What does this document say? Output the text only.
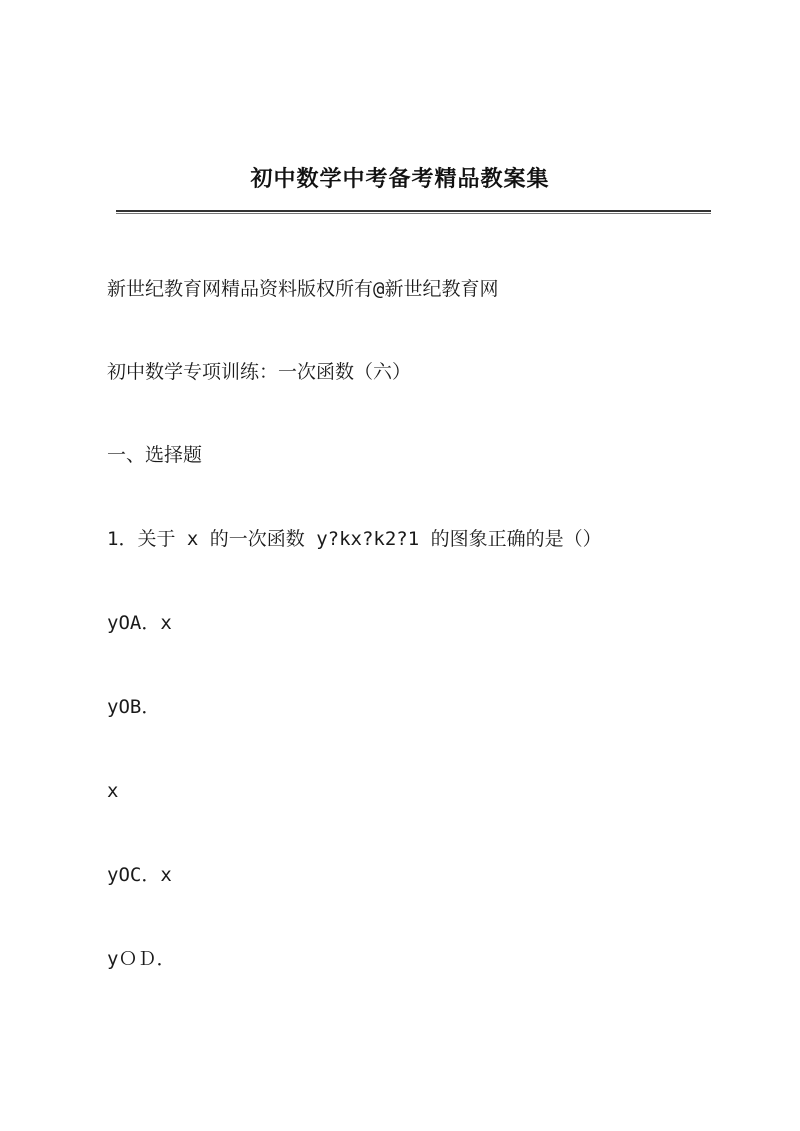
初中数学中考备考精品教案集
新世纪教育网精品资料版权所有@新世纪教育网
初中数学专项训练：一次函数（六）
一、选择题
1．关于 x 的一次函数 y?kx?k2?1 的图象正确的是（）
yOA．x
yOB．
x
yOC．x
yＯＤ．
